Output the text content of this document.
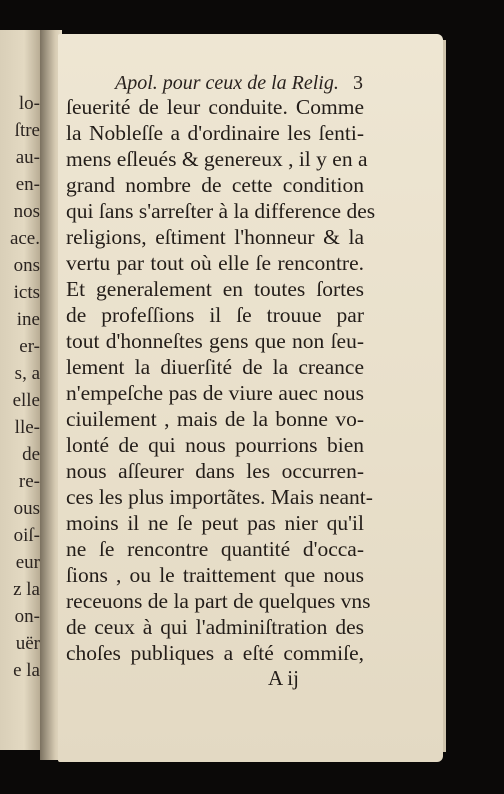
lo-
ſtre
au-
en-
nos
ace.
ons
icts
ine
er-
s, a
elle
lle-
de
re-
ous
oiſ-
eur
z la
on-
uër
e la
Apol. pour ceux de la Relig. 3
ſeuerité de leur conduite. Comme
la Nobleſſe a d'ordinaire les ſenti-
mens eſleués & genereux , il y en a
grand nombre de cette condition
qui ſans s'arreſter à la difference des
religions, eſtiment l'honneur & la
vertu par tout où elle ſe rencontre.
Et generalement en toutes ſortes
de profeſſions il ſe trouue par
tout d'honneſtes gens que non ſeu-
lement la diuerſité de la creance
n'empeſche pas de viure auec nous
ciuilement , mais de la bonne vo-
lonté de qui nous pourrions bien
nous aſſeurer dans les occurren-
ces les plus importãtes. Mais neant-
moins il ne ſe peut pas nier qu'il
ne ſe rencontre quantité d'occa-
ſions , ou le traittement que nous
receuons de la part de quelques vns
de ceux à qui l'adminiſtration des
choſes publiques a eſté commiſe,
A ij
